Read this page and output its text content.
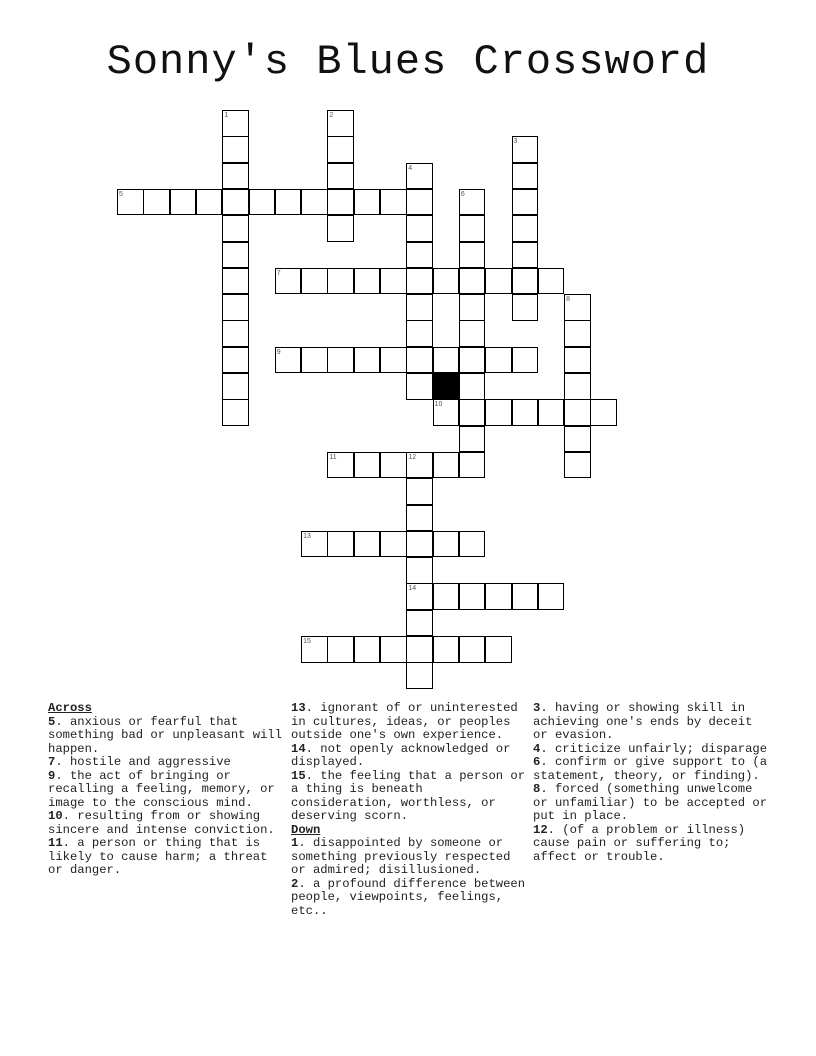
Sonny's Blues Crossword
1	2
3
4
5	6
7
8
9
10
11	12
14
13
15
Across
5. anxious or fearful that something bad or unpleasant will happen.
7. hostile and aggressive
9. the act of bringing or recalling a feeling, memory, or image to the conscious mind.
10. resulting from or showing sincere and intense conviction.
11. a person or thing that is likely to cause harm; a threat or danger.
13. ignorant of or uninterested in cultures, ideas, or peoples outside one's own experience.
14. not openly acknowledged or displayed.
15. the feeling that a person or a thing is beneath consideration, worthless, or deserving scorn.
Down
1. disappointed by someone or something previously respected or admired; disillusioned.
2. a profound difference between people, viewpoints, feelings, etc..
3. having or showing skill in achieving one's ends by deceit or evasion.
4. criticize unfairly; disparage
6. confirm or give support to (a statement, theory, or finding).
8. forced (something unwelcome or unfamiliar) to be accepted or put in place.
12. (of a problem or illness) cause pain or suffering to; affect or trouble.
